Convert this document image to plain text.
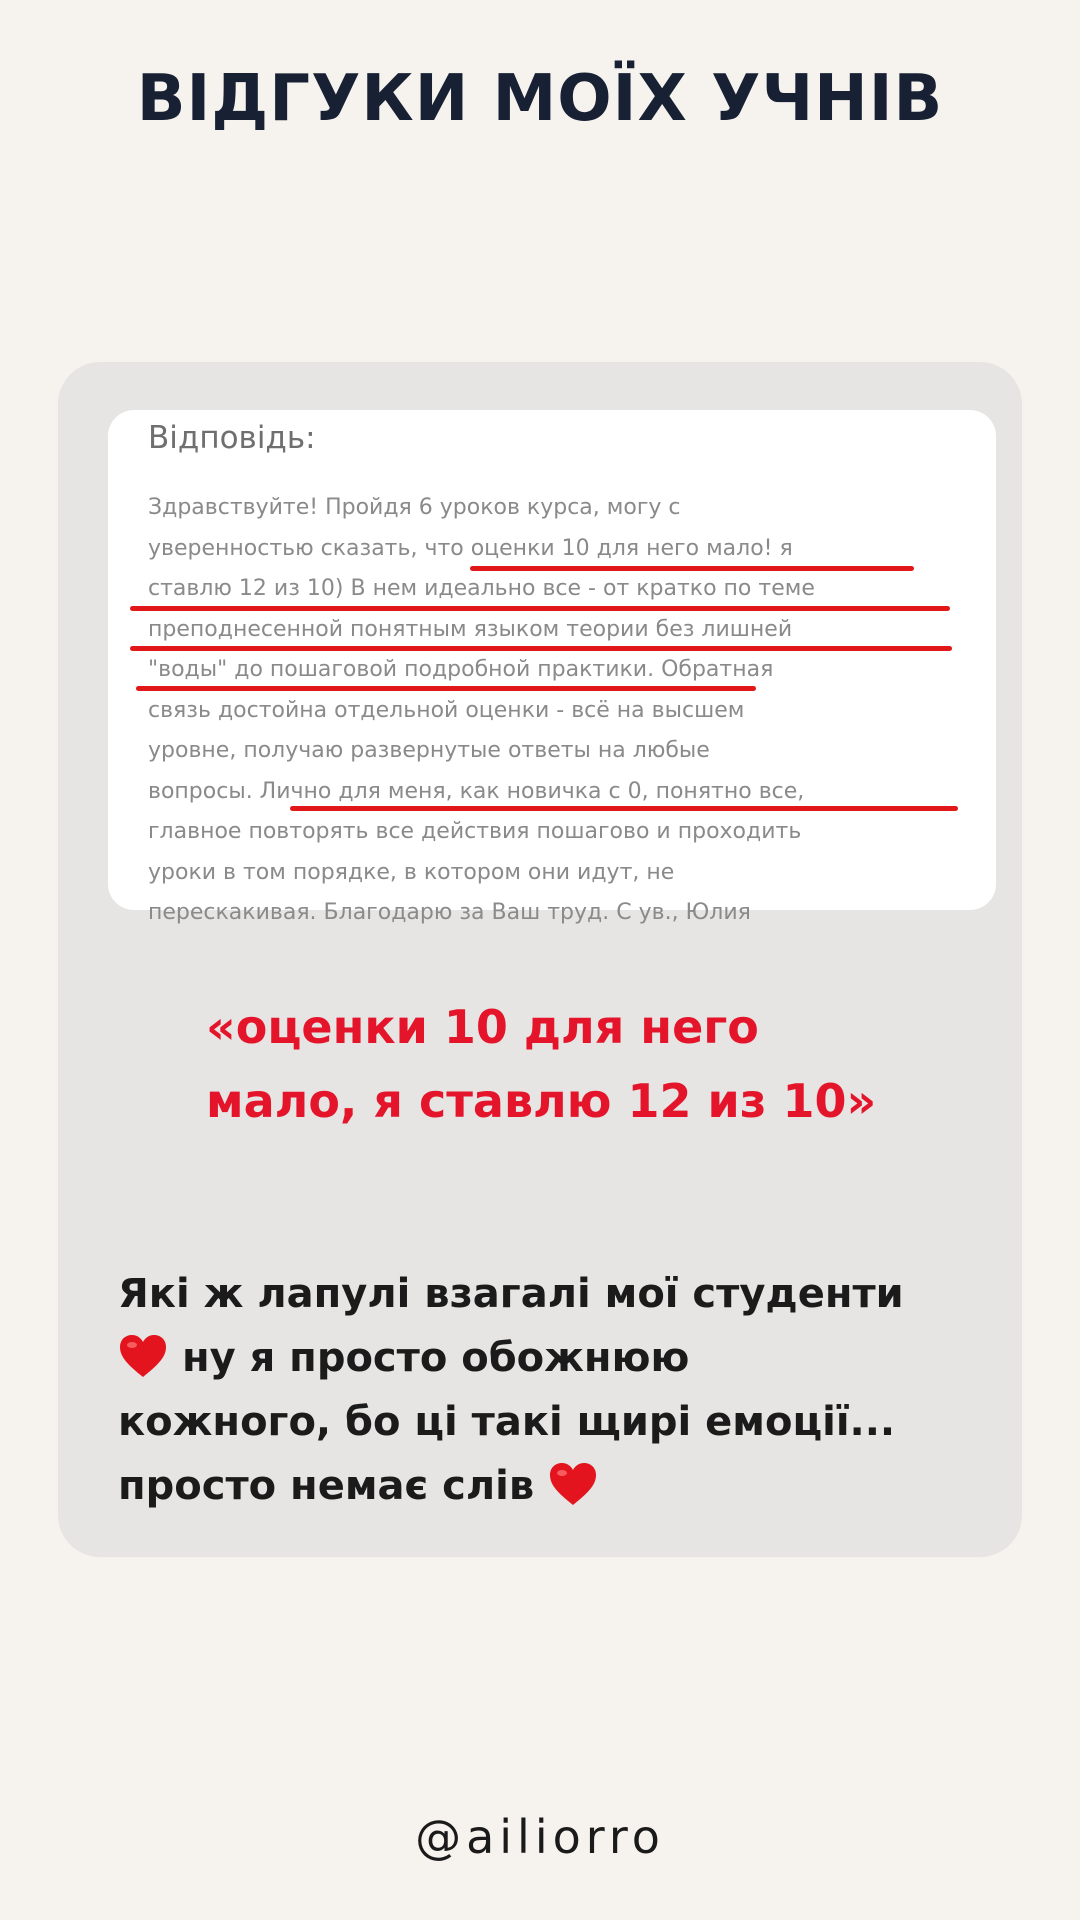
ВІДГУКИ МОЇХ УЧНІВ
Відповідь:
Здравствуйте! Пройдя 6 уроков курса, могу с
уверенностью сказать, что оценки 10 для него мало! я
ставлю 12 из 10) В нем идеально все - от кратко по теме
преподнесенной понятным языком теории без лишней
"воды" до пошаговой подробной практики. Обратная
связь достойна отдельной оценки - всё на высшем
уровне, получаю развернутые ответы на любые
вопросы. Лично для меня, как новичка с 0, понятно все,
главное повторять все действия пошагово и проходить
уроки в том порядке, в котором они идут, не
перескакивая. Благодарю за Ваш труд. С ув., Юлия
«оценки 10 для него
мало, я ставлю 12 из 10»
Які ж лапулі взагалі мої студенти
ну я просто обожнюю
кожного, бо ці такі щирі емоції...
просто немає слів
@ailiorro
